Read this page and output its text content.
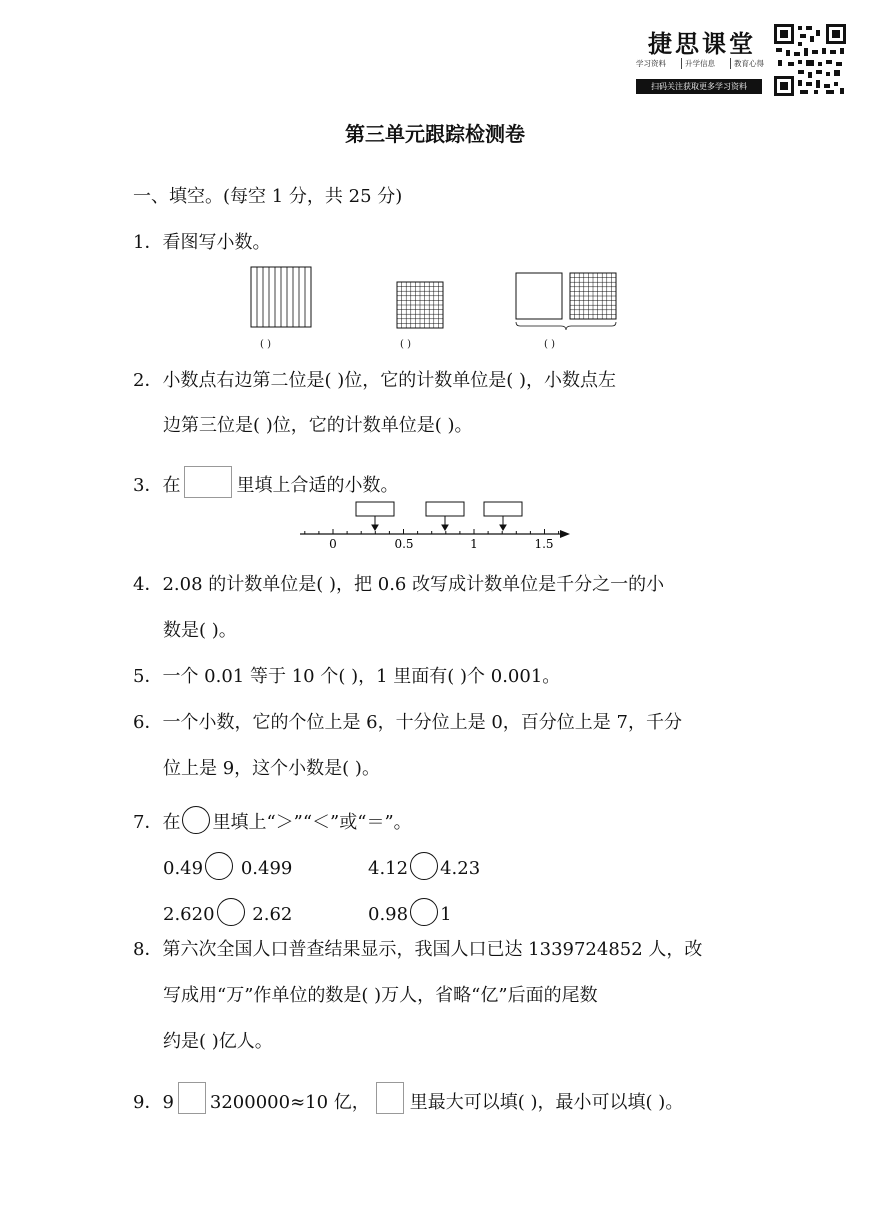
捷思课堂
学习资料	升学信息	教育心得
扫码关注获取更多学习资料
第三单元跟踪检测卷
一、填空。(每空 1 分，共 25 分)
1．看图写小数。
( )	( )	( )
2．小数点右边第二位是( )位，它的计数单位是( )，小数点左
边第三位是( )位，它的计数单位是( )。
3．在	里填上合适的小数。
0	0.5	1	1.5
4．2.08 的计数单位是( )，把 0.6 改写成计数单位是千分之一的小
数是( )。
5．一个 0.01 等于 10 个( )，1 里面有( )个 0.001。
6．一个小数，它的个位上是 6，十分位上是 0，百分位上是 7，千分
位上是 9，这个小数是( )。
7．在 里填上“＞”“＜”或“＝”。
0.49 0.499	4.12 4.23
2.620 2.62	0.98 1
8．第六次全国人口普查结果显示，我国人口已达 1339724852 人，改
写成用“万”作单位的数是( )万人，省略“亿”后面的尾数
约是( )亿人。
9．9 3200000≈10 亿， 里最大可以填( )，最小可以填( )。
